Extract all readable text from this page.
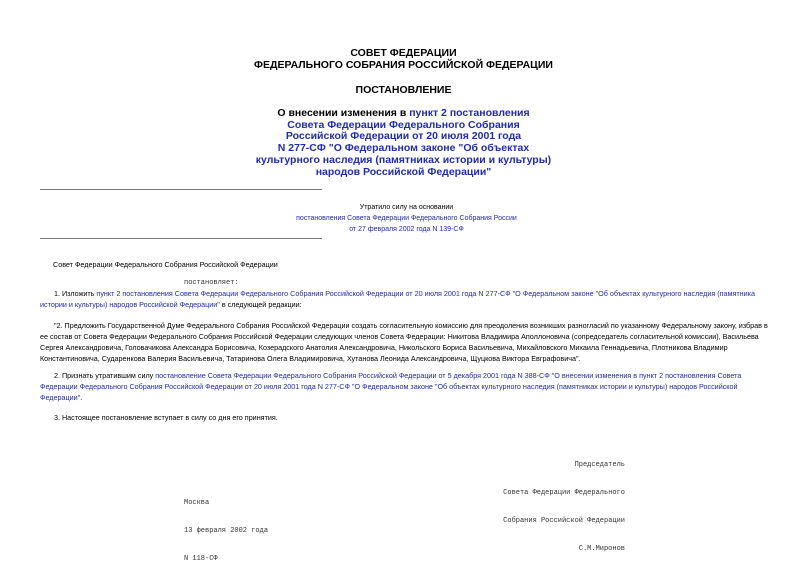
СОВЕТ ФЕДЕРАЦИИ
ФЕДЕРАЛЬНОГО СОБРАНИЯ РОССИЙСКОЙ ФЕДЕРАЦИИ
ПОСТАНОВЛЕНИЕ
О внесении изменения в пункт 2 постановления
Совета Федерации Федерального Собрания
Российской Федерации от 20 июля 2001 года
N 277-СФ "О Федеральном законе "Об объектах
культурного наследия (памятниках истории и культуры)
народов Российской Федерации"
Утратило силу на основании
постановления Совета Федерации Федерального Собрания России
от 27 февраля 2002 года N 139-СФ
Совет Федерации Федерального Собрания Российской Федерации
постановляет:
1. Изложить пункт 2 постановления Совета Федерации Федерального Собрания Российской Федерации от 20 июля 2001 года N 277-СФ "О Федеральном законе "Об объектах культурного наследия (памятника
истории и культуры) народов Российской Федерации" в следующей редакции:
"2. Предложить Государственной Думе Федерального Собрания Российской Федерации создать согласительную комиссию для преодоления возникших разногласий по указанному Федеральному закону, избрав в
ее состав от Совета Федерации Федерального Собрания Российской Федерации следующих членов Совета Федерации: Никитова Владимира Аполлоновича (сопредседатель согласительной комиссии), Васильева
Сергея Александровича, Головачикова Александра Борисовича, Козерадского Анатолия Александровича, Никольского Бориса Васильевича, Михайловского Михаила Геннадьевича, Плотникова Владимир
Константиновича, Сударенкова Валерия Васильевича, Татаринова Олега Владимировича, Хутанова Леонида Александровича, Щуцкова Виктора Евграфовича".
2. Признать утратившим силу постановление Совета Федерации Федерального Собрания Российской Федерации от 5 декабря 2001 года N 388-СФ "О внесении изменения в пункт 2 постановления Совета
Федерации Федерального Собрания Российской Федерации от 20 июля 2001 года N 277-СФ "О Федеральном законе "Об объектах культурного наследия (памятниках истории и культуры) народов Российской
Федерации".
3. Настоящее постановление вступает в силу со дня его принятия.

Председатель

Совета Федерации Федерального

Собрания Российской Федерации

С.М.Миронов

Москва

13 февраля 2002 года

N 118-СФ
